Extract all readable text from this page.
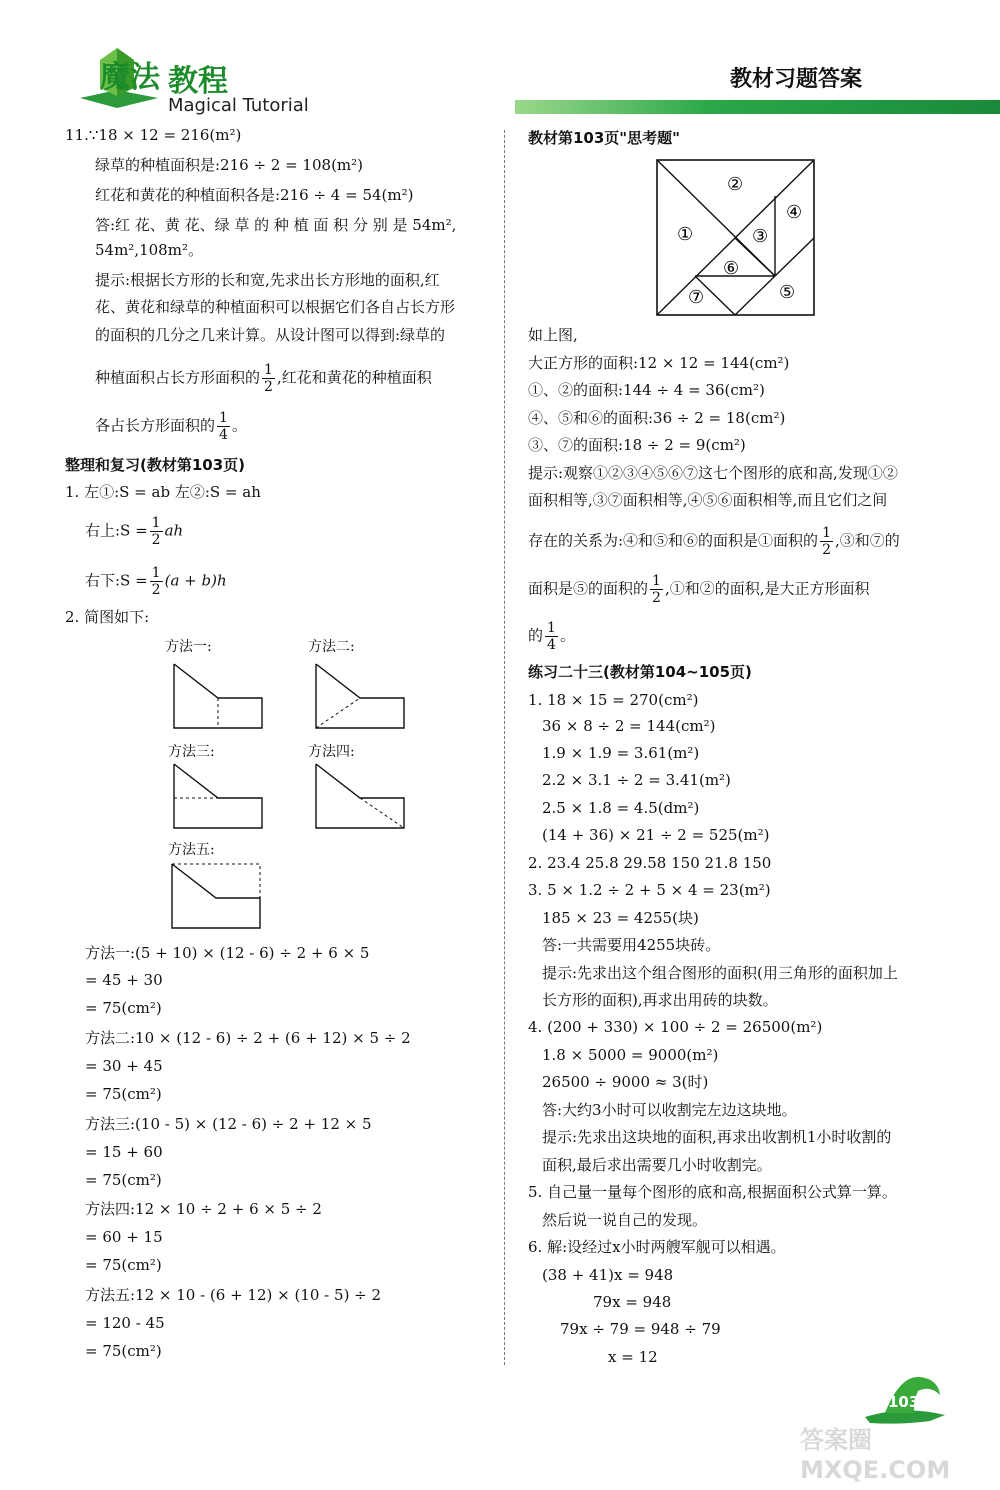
魔法 教程
Magical Tutorial
教材习题答案
11.∵18 × 12 = 216(m²)
绿草的种植面积是:216 ÷ 2 = 108(m²)
红花和黄花的种植面积各是:216 ÷ 4 = 54(m²)
答:红 花、黄 花、绿 草 的 种 植 面 积 分 别 是 54m²,
54m²,108m²。
提示:根据长方形的长和宽,先求出长方形地的面积,红
花、黄花和绿草的种植面积可以根据它们各自占长方形
的面积的几分之几来计算。从设计图可以得到:绿草的
种植面积占长方形面积的 $\frac{1}{2}$ ,红花和黄花的种植面积
各占长方形面积的 $\frac{1}{4}$ 。
整理和复习(教材第103页)
1. 左①:S = ab 左②:S = ah
右上:S = $\frac{1}{2}$ ah
右下:S = $\frac{1}{2} (a + b)h$
2. 简图如下:
方法一:	方法二:
方法三:	方法四:
方法五:
方法一:(5 + 10) × (12 - 6) ÷ 2 + 6 × 5
= 45 + 30
= 75(cm²)
方法二:10 × (12 - 6) ÷ 2 + (6 + 12) × 5 ÷ 2
= 30 + 45
= 75(cm²)
方法三:(10 - 5) × (12 - 6) ÷ 2 + 12 × 5
= 15 + 60
= 75(cm²)
方法四:12 × 10 ÷ 2 + 6 × 5 ÷ 2
= 60 + 15
= 75(cm²)
方法五:12 × 10 - (6 + 12) × (10 - 5) ÷ 2
= 120 - 45
= 75(cm²)
教材第103页"思考题"
②
①	③
④
⑤
⑥
⑦
如上图,
大正方形的面积:12 × 12 = 144(cm²)
①、②的面积:144 ÷ 4 = 36(cm²)
④、⑤和⑥的面积:36 ÷ 2 = 18(cm²)
③、⑦的面积:18 ÷ 2 = 9(cm²)
提示:观察①②③④⑤⑥⑦这七个图形的底和高,发现①②
面积相等,③⑦面积相等,④⑤⑥面积相等,而且它们之间
存在的关系为:④和⑤和⑥的面积是①面积的 $\frac{1}{2}$ ,③和⑦的
面积是⑤的面积的 $\frac{1}{2}$ ,①和②的面积,是大正方形面积
的 $\frac{1}{4}$ 。
练习二十三(教材第104~105页)
1. 18 × 15 = 270(cm²)
36 × 8 ÷ 2 = 144(cm²)
1.9 × 1.9 = 3.61(m²)
2.2 × 3.1 ÷ 2 = 3.41(m²)
2.5 × 1.8 = 4.5(dm²)
(14 + 36) × 21 ÷ 2 = 525(m²)
2. 23.4 25.8 29.58 150 21.8 150
3. 5 × 1.2 ÷ 2 + 5 × 4 = 23(m²)
185 × 23 = 4255(块)
答:一共需要用4255块砖。
提示:先求出这个组合图形的面积(用三角形的面积加上
长方形的面积),再求出用砖的块数。
4. (200 + 330) × 100 ÷ 2 = 26500(m²)
1.8 × 5000 = 9000(m²)
26500 ÷ 9000 ≈ 3(时)
答:大约3小时可以收割完左边这块地。
提示:先求出这块地的面积,再求出收割机1小时收割的
面积,最后求出需要几小时收割完。
5. 自己量一量每个图形的底和高,根据面积公式算一算。
然后说一说自己的发现。
6. 解:设经过x小时两艘军舰可以相遇。
(38 + 41)x = 948
79x = 948
79x ÷ 79 = 948 ÷ 79
x = 12
103
答案圈 MXQE.COM
